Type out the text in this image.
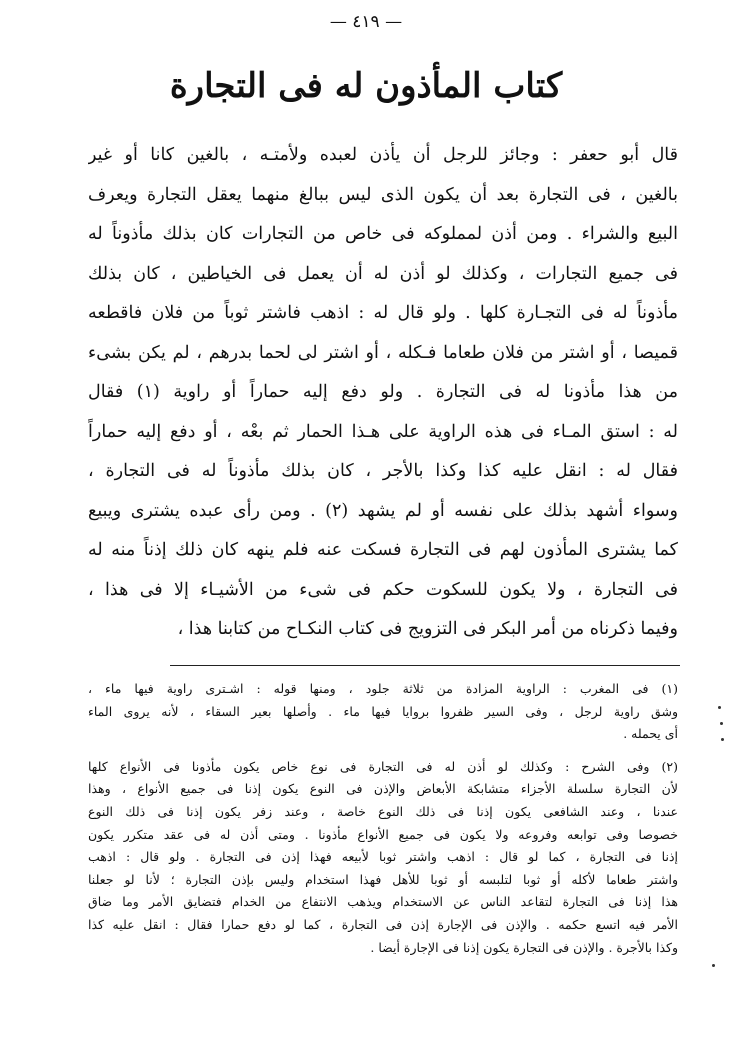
— ٤١٩ —
كتاب المأذون له فى التجارة
قال أبو حعفر : وجائز للرجل أن يأذن لعبده ولأمتـه ، بالغين كانا أو غير
بالغين ، فى التجارة بعد أن يكون الذى ليس ببالغ منهما يعقل التجارة ويعرف
البيع والشراء . ومن أذن لمملوكه فى خاص من التجارات كان بذلك مأذوناً له
فى جميع التجارات ، وكذلك لو أذن له أن يعمل فى الخياطين ، كان بذلك
مأذوناً له فى التجـارة كلها . ولو قال له : اذهب فاشتر ثوباً من فلان فاقطعه
قميصا ، أو اشتر من فلان طعاما فـكله ، أو اشتر لى لحما بدرهم ، لم يكن بشىء
من هذا مأذونا له فى التجارة . ولو دفع إليه حماراً أو راوية (١) فقال
له : استق المـاء فى هذه الراوية على هـذا الحمار ثم بعْه ، أو دفع إليه حماراً
فقال له : انقل عليه كذا وكذا بالأجر ، كان بذلك مأذوناً له فى التجارة ،
وسواء أشهد بذلك على نفسه أو لم يشهد (٢) . ومن رأى عبده يشترى ويبيع
كما يشترى المأذون لهم فى التجارة فسكت عنه فلم ينهه كان ذلك إذناً منه له
فى التجارة ، ولا يكون للسكوت حكم فى شىء من الأشيـاء إلا فى هذا ،
وفيما ذكرناه من أمر البكر فى التزويج فى كتاب النكـاح من كتابنا هذا ،
(١) فى المغرب : الراوية المزادة من ثلاثة جلود ، ومنها قوله : اشـترى راوية فيها ماء ،
وشق راوية لرجل ، وفى السير ظفروا بروايا فيها ماء . وأصلها بعير السقاء ، لأنه يروى الماء
أى يحمله .
(٢) وفى الشرح : وكذلك لو أذن له فى التجارة فى نوع خاص يكون مأذونا فى الأنواع كلها
لأن التجارة سلسلة الأجزاء متشابكة الأبعاض والإذن فى النوع يكون إذنا فى جميع الأنواع ، وهذا
عندنا ، وعند الشافعى يكون إذنا فى ذلك النوع خاصة ، وعند زفر يكون إذنا فى ذلك النوع
خصوصا وفى توابعه وفروعه ولا يكون فى جميع الأنواع مأذونا . ومتى أذن له فى عقد متكرر يكون
إذنا فى التجارة ، كما لو قال : اذهب واشتر ثوبا لأبيعه فهذا إذن فى التجارة . ولو قال : اذهب
واشتر طعاما لأكله أو ثوبا لتلبسه أو ثوبا للأهل فهذا استخدام وليس بإذن التجارة ؛ لأنا لو جعلنا
هذا إذنا فى التجارة لتقاعد الناس عن الاستخدام ويذهب الانتفاع من الخدام فتضايق الأمر وما ضاق
الأمر فيه اتسع حكمه . والإذن فى الإجارة إذن فى التجارة ، كما لو دفع حمارا فقال : انقل عليه كذا
وكذا بالأجرة . والإذن فى التجارة يكون إذنا فى الإجارة أيضا .
